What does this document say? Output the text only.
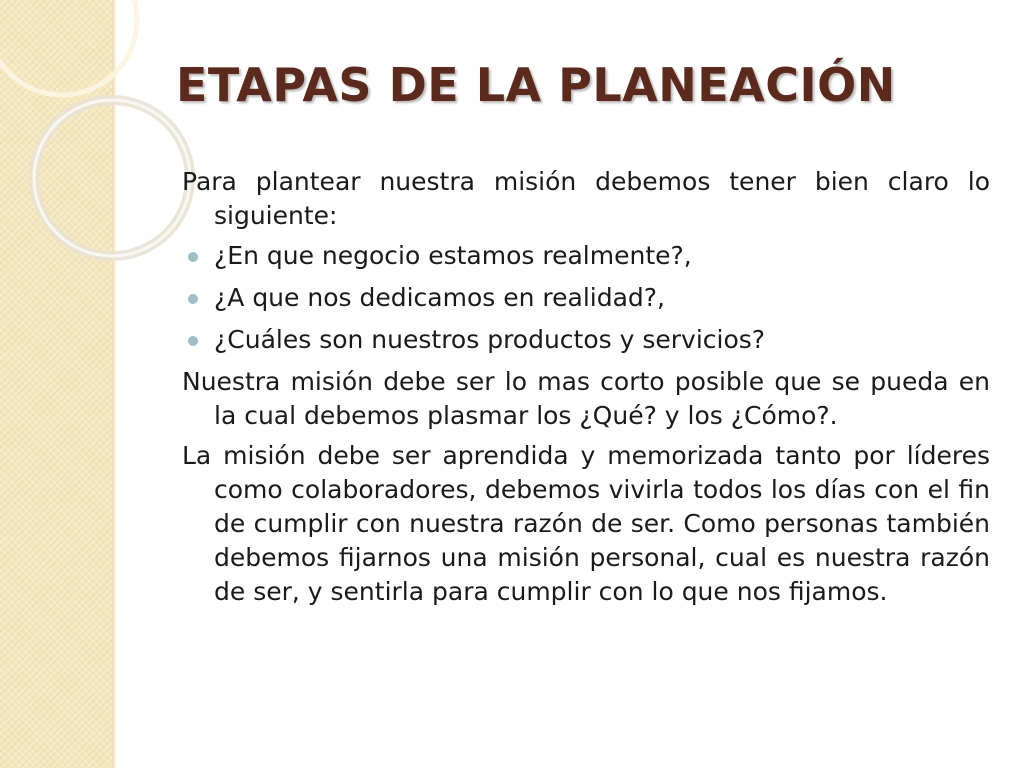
ETAPAS DE LA PLANEACIÓN

Para plantear nuestra misión debemos tener bien claro lo siguiente:

¿En que negocio estamos realmente?,
¿A que nos dedicamos en realidad?,
¿Cuáles son nuestros productos y servicios?

Nuestra misión debe ser lo mas corto posible que se pueda en la cual debemos plasmar los ¿Qué? y los ¿Cómo?.

La misión debe ser aprendida y memorizada tanto por líderes como colaboradores, debemos vivirla todos los días con el fin de cumplir con nuestra razón de ser. Como personas también debemos fijarnos una misión personal, cual es nuestra razón de ser, y sentirla para cumplir con lo que nos fijamos.
